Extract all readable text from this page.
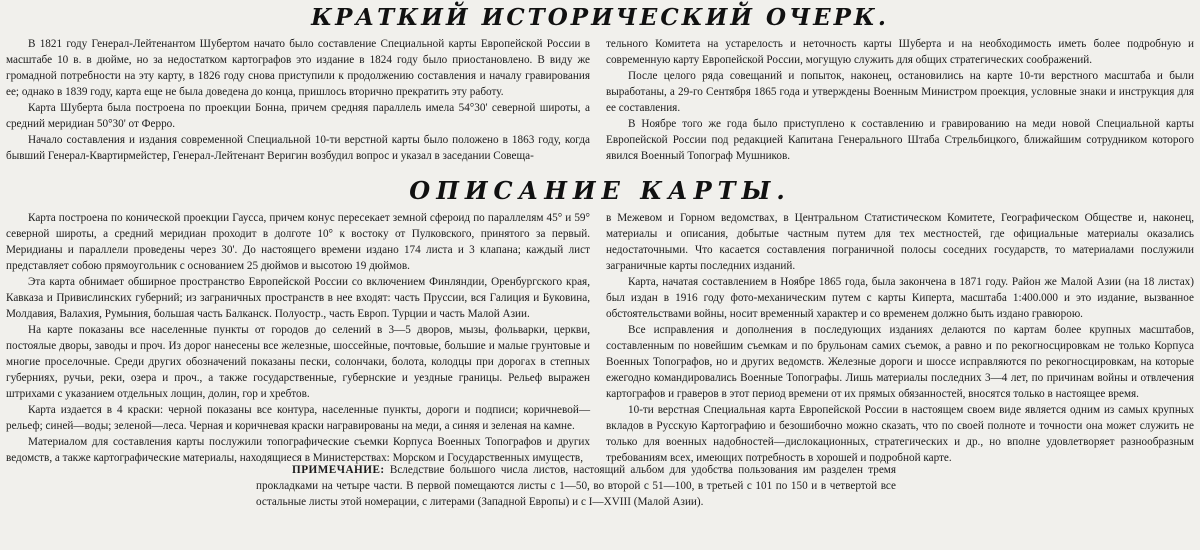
КРАТКИЙ ИСТОРИЧЕСКИЙ ОЧЕРК.

В 1821 году Генерал-Лейтенантом Шубертом начато было составление Специальной карты Европейской России в масштабе 10 в. в дюйме, но за недостатком картографов это издание в 1824 году было приостановлено. В виду же громадной потребности на эту карту, в 1826 году снова приступили к продолжению составления и началу гравирования ее; однако в 1839 году, карта еще не была доведена до конца, пришлось вторично прекратить эту работу.

Карта Шуберта была построена по проекции Бонна, причем средняя параллель имела 54°30' северной широты, а средний меридиан 50°30' от Ферро.

Начало составления и издания современной Специальной 10-ти верстной карты было положено в 1863 году, когда бывший Генерал-Квартирмейстер, Генерал-Лейтенант Веригин возбудил вопрос и указал в заседании Совеща-

тельного Комитета на устарелость и неточность карты Шуберта и на необходимость иметь более подробную и современную карту Европейской России, могущую служить для общих стратегических соображений.

После целого ряда совещаний и попыток, наконец, остановились на карте 10-ти верстного масштаба и были выработаны, а 29-го Сентября 1865 года и утверждены Военным Министром проекция, условные знаки и инструкция для ее составления.

В Ноябре того же года было приступлено к составлению и гравированию на меди новой Специальной карты Европейской России под редакцией Капитана Генерального Штаба Стрельбицкого, ближайшим сотрудником которого явился Военный Топограф Мушников.

ОПИСАНИЕ КАРТЫ.

Карта построена по конической проекции Гаусса, причем конус пересекает земной сфероид по параллелям 45° и 59° северной широты, а средний меридиан проходит в долготе 10° к востоку от Пулковского, принятого за первый. Меридианы и параллели проведены через 30'. До настоящего времени издано 174 листа и 3 клапана; каждый лист представляет собою прямоугольник с основанием 25 дюймов и высотою 19 дюймов.

Эта карта обнимает обширное пространство Европейской России со включением Финляндии, Оренбургского края, Кавказа и Привислинских губерний; из заграничных пространств в нее входят: часть Пруссии, вся Галиция и Буковина, Молдавия, Валахия, Румыния, большая часть Балканск. Полуостр., часть Европ. Турции и часть Малой Азии.

На карте показаны все населенные пункты от городов до селений в 3—5 дворов, мызы, фольварки, церкви, постоялые дворы, заводы и проч. Из дорог нанесены все железные, шоссейные, почтовые, большие и малые грунтовые и многие проселочные. Среди других обозначений показаны пески, солончаки, болота, колодцы при дорогах в степных губерниях, ручьи, реки, озера и проч., а также государственные, губернские и уездные границы. Рельеф выражен штрихами с указанием отдельных лощин, долин, гор и хребтов.

Карта издается в 4 краски: черной показаны все контура, населенные пункты, дороги и подписи; коричневой— рельеф; синей—воды; зеленой—леса. Черная и коричневая краски награвированы на меди, а синяя и зеленая на камне.

Материалом для составления карты послужили топографические съемки Корпуса Военных Топографов и других ведомств, а также картографические материалы, находящиеся в Министерствах: Морском и Государственных имуществ,

в Межевом и Горном ведомствах, в Центральном Статистическом Комитете, Географическом Обществе и, наконец, материалы и описания, добытые частным путем для тех местностей, где официальные материалы оказались недостаточными. Что касается составления пограничной полосы соседних государств, то материалами послужили заграничные карты последних изданий.

Карта, начатая составлением в Ноябре 1865 года, была закончена в 1871 году. Район же Малой Азии (на 18 листах) был издан в 1916 году фото-механическим путем с карты Киперта, масштаба 1:400.000 и это издание, вызванное обстоятельствами войны, носит временный характер и со временем должно быть издано гравюрою.

Все исправления и дополнения в последующих изданиях делаются по картам более крупных масштабов, составленным по новейшим съемкам и по брульонам самих съемок, а равно и по рекогносцировкам не только Корпуса Военных Топографов, но и других ведомств. Железные дороги и шоссе исправляются по рекогносцировкам, на которые ежегодно командировались Военные Топографы. Лишь материалы последних 3—4 лет, по причинам войны и отвлечения картографов и граверов в этот период времени от их прямых обязанностей, вносятся только в настоящее время.

10-ти верстная Специальная карта Европейской России в настоящем своем виде является одним из самых крупных вкладов в Русскую Картографию и безошибочно можно сказать, что по своей полноте и точности она может служить не только для военных надобностей—дислокационных, стратегических и др., но вполне удовлетворяет разнообразным требованиям всех, имеющих потребность в хорошей и подробной карте.

ПРИМЕЧАНИЕ: Вследствие большого числа листов, настоящий альбом для удобства пользования им разделен тремя прокладками на четыре части. В первой помещаются листы с 1—50, во второй с 51—100, в третьей с 101 по 150 и в четвертой все остальные листы этой номерации, с литерами (Западной Европы) и с I—XVIII (Малой Азии).
